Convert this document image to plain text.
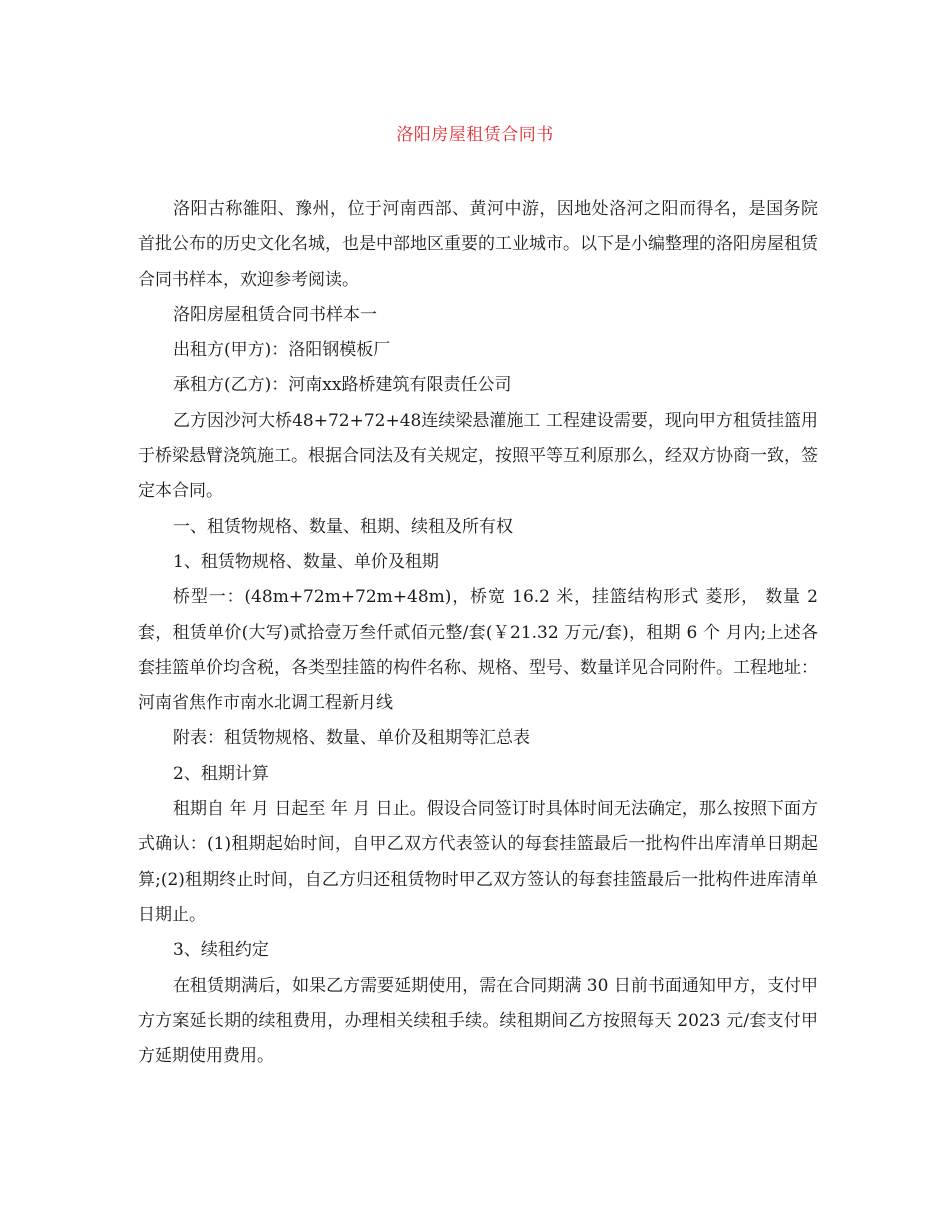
洛阳房屋租赁合同书

洛阳古称雒阳、豫州，位于河南西部、黄河中游，因地处洛河之阳而得名，是国务院首批公布的历史文化名城，也是中部地区重要的工业城市。以下是小编整理的洛阳房屋租赁合同书样本，欢迎参考阅读。

洛阳房屋租赁合同书样本一

出租方(甲方)：洛阳钢模板厂

承租方(乙方)：河南xx路桥建筑有限责任公司

乙方因沙河大桥48+72+72+48连续梁悬灌施工 工程建设需要，现向甲方租赁挂篮用于桥梁悬臂浇筑施工。根据合同法及有关规定，按照平等互利原那么，经双方协商一致，签定本合同。

一、租赁物规格、数量、租期、续租及所有权

1、租赁物规格、数量、单价及租期

桥型一：(48m+72m+72m+48m)，桥宽 16.2 米，挂篮结构形式 菱形， 数量 2 套，租赁单价(大写)贰拾壹万叁仟贰佰元整/套(￥21.32 万元/套)，租期 6 个 月内;上述各套挂篮单价均含税，各类型挂篮的构件名称、规格、型号、数量详见合同附件。工程地址： 河南省焦作市南水北调工程新月线

附表：租赁物规格、数量、单价及租期等汇总表

2、租期计算

租期自 年 月 日起至 年 月 日止。假设合同签订时具体时间无法确定，那么按照下面方式确认：(1)租期起始时间，自甲乙双方代表签认的每套挂篮最后一批构件出库清单日期起算;(2)租期终止时间，自乙方归还租赁物时甲乙双方签认的每套挂篮最后一批构件进库清单日期止。

3、续租约定

在租赁期满后，如果乙方需要延期使用，需在合同期满 30 日前书面通知甲方，支付甲方方案延长期的续租费用，办理相关续租手续。续租期间乙方按照每天 2023 元/套支付甲方延期使用费用。
